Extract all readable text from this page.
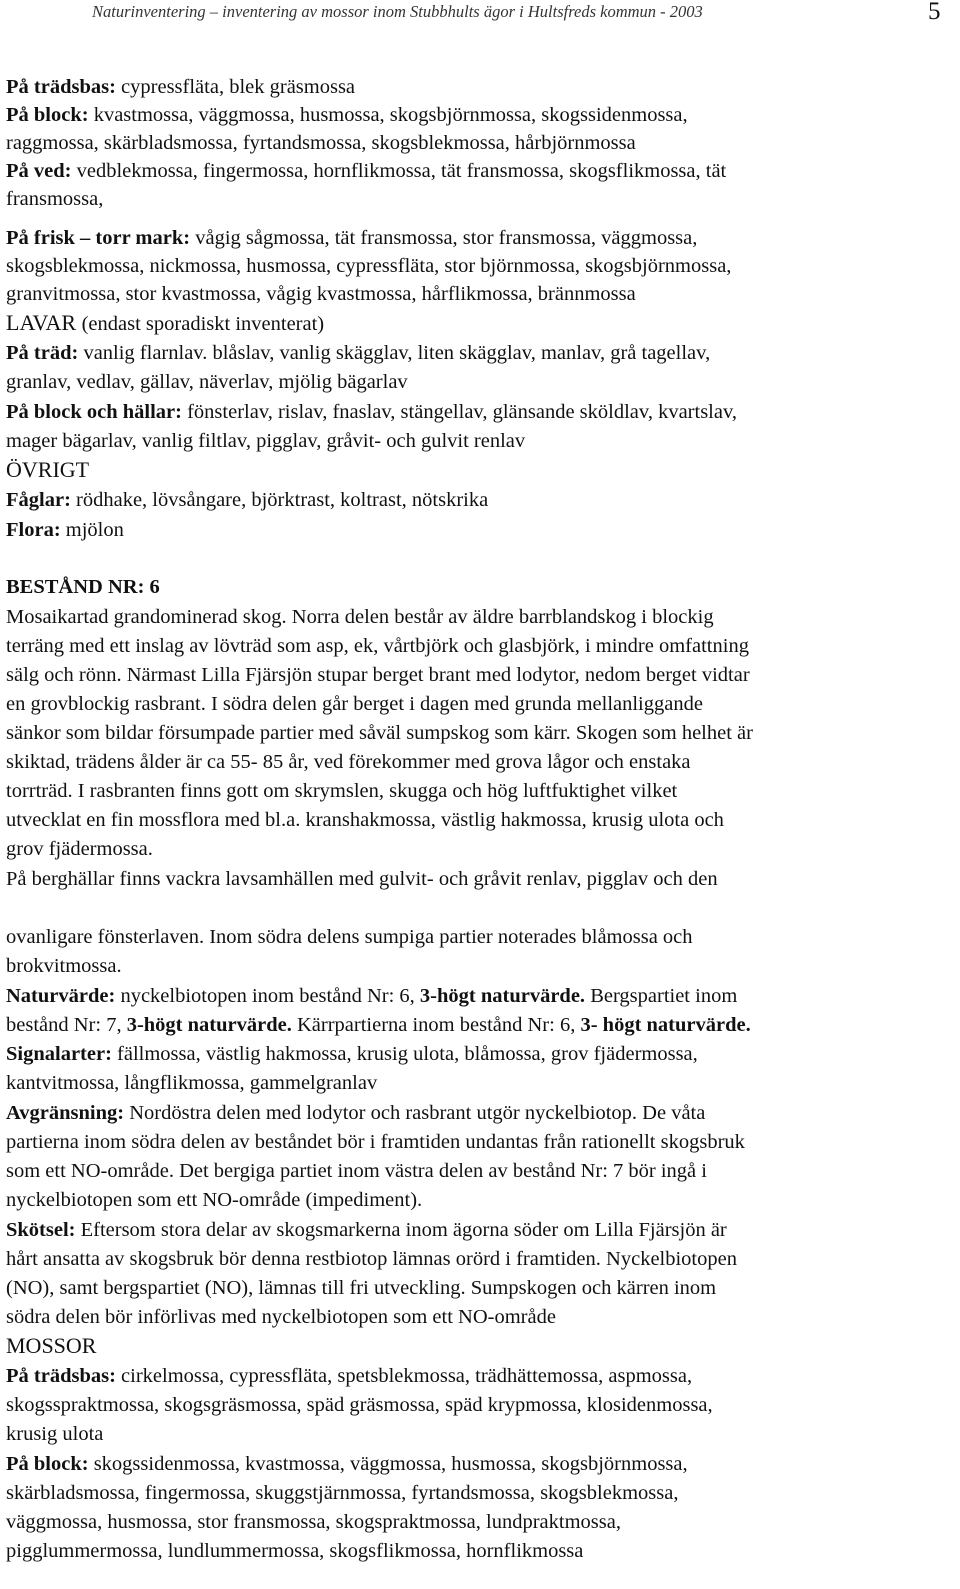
Naturinventering – inventering av mossor inom Stubbhults ägor i Hultsfreds kommun - 2003	5
På trädsbas: cypressfläta, blek gräsmossa
På block: kvastmossa, väggmossa, husmossa, skogsbjörnmossa, skogssidenmossa,
raggmossa, skärbladsmossa, fyrtandsmossa, skogsblekmossa, hårbjörnmossa
På ved: vedblekmossa, fingermossa, hornflikmossa, tät fransmossa, skogsflikmossa, tät
fransmossa,
På frisk – torr mark: vågig sågmossa, tät fransmossa, stor fransmossa, väggmossa,
skogsblekmossa, nickmossa, husmossa, cypressfläta, stor björnmossa, skogsbjörnmossa,
granvitmossa, stor kvastmossa, vågig kvastmossa, hårflikmossa, brännmossa
LAVAR (endast sporadiskt inventerat)
På träd: vanlig flarnlav. blåslav, vanlig skägglav, liten skägglav, manlav, grå tagellav,
granlav, vedlav, gällav, näverlav, mjölig bägarlav
På block och hällar: fönsterlav, rislav, fnaslav, stängellav, glänsande sköldlav, kvartslav,
mager bägarlav, vanlig filtlav, pigglav, gråvit- och gulvit renlav
ÖVRIGT
Fåglar: rödhake, lövsångare, björktrast, koltrast, nötskrika
Flora: mjölon
BESTÅND NR: 6
Mosaikartad grandominerad skog. Norra delen består av äldre barrblandskog i blockig
terräng med ett inslag av lövträd som asp, ek, vårtbjörk och glasbjörk, i mindre omfattning
sälg och rönn. Närmast Lilla Fjärsjön stupar berget brant med lodytor, nedom berget vidtar
en grovblockig rasbrant. I södra delen går berget i dagen med grunda mellanliggande
sänkor som bildar försumpade partier med såväl sumpskog som kärr. Skogen som helhet är
skiktad, trädens ålder är ca 55- 85 år, ved förekommer med grova lågor och enstaka
torrträd. I rasbranten finns gott om skrymslen, skugga och hög luftfuktighet vilket
utvecklat en fin mossflora med bl.a. kranshakmossa, västlig hakmossa, krusig ulota och
grov fjädermossa.
På berghällar finns vackra lavsamhällen med gulvit- och gråvit renlav, pigglav och den
ovanligare fönsterlaven. Inom södra delens sumpiga partier noterades blåmossa och
brokvitmossa.
Naturvärde: nyckelbiotopen inom bestånd Nr: 6, 3-högt naturvärde. Bergspartiet inom
bestånd Nr: 7, 3-högt naturvärde. Kärrpartierna inom bestånd Nr: 6, 3- högt naturvärde.
Signalarter: fällmossa, västlig hakmossa, krusig ulota, blåmossa, grov fjädermossa,
kantvitmossa, långflikmossa, gammelgranlav
Avgränsning: Nordöstra delen med lodytor och rasbrant utgör nyckelbiotop. De våta
partierna inom södra delen av beståndet bör i framtiden undantas från rationellt skogsbruk
som ett NO-område. Det bergiga partiet inom västra delen av bestånd Nr: 7 bör ingå i
nyckelbiotopen som ett NO-område (impediment).
Skötsel: Eftersom stora delar av skogsmarkerna inom ägorna söder om Lilla Fjärsjön är
hårt ansatta av skogsbruk bör denna restbiotop lämnas orörd i framtiden. Nyckelbiotopen
(NO), samt bergspartiet (NO), lämnas till fri utveckling. Sumpskogen och kärren inom
södra delen bör införlivas med nyckelbiotopen som ett NO-område
MOSSOR
På trädsbas: cirkelmossa, cypressfläta, spetsblekmossa, trädhättemossa, aspmossa,
skogsspraktmossa, skogsgräsmossa, späd gräsmossa, späd krypmossa, klosidenmossa,
krusig ulota
På block: skogssidenmossa, kvastmossa, väggmossa, husmossa, skogsbjörnmossa,
skärbladsmossa, fingermossa, skuggstjärnmossa, fyrtandsmossa, skogsblekmossa,
väggmossa, husmossa, stor fransmossa, skogspraktmossa, lundpraktmossa,
pigglummermossa, lundlummermossa, skogsflikmossa, hornflikmossa
